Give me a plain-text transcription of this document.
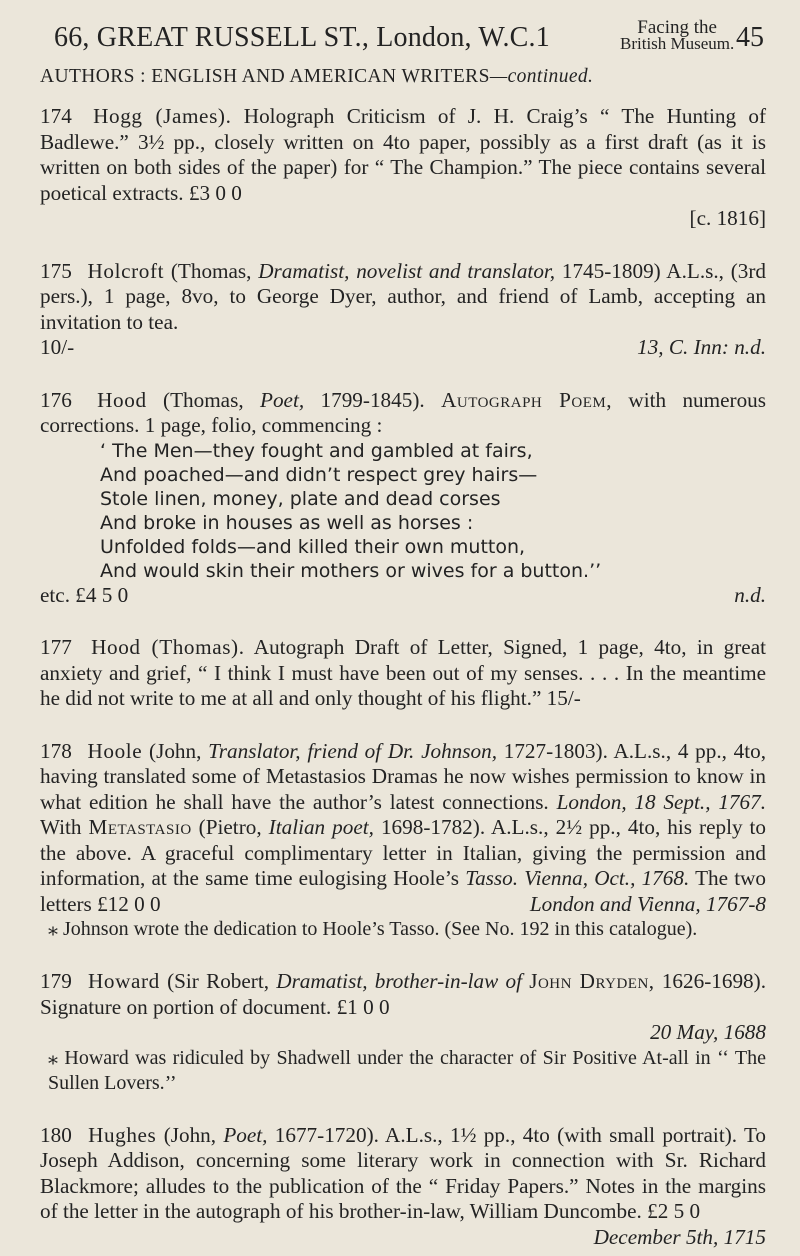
66, GREAT RUSSELL ST., London, W.C.1	Facing the
British Museum. 45
AUTHORS : ENGLISH AND AMERICAN WRITERS—continued.
174 Hogg (James). Holograph Criticism of J. H. Craig’s “ The Hunting of Badlewe.” 3½ pp., closely written on 4to paper, possibly as a first draft (as it is written on both sides of the paper) for “ The Champion.” The piece contains several poetical extracts. £3 0 0
[c. 1816]
175 Holcroft (Thomas, Dramatist, novelist and translator, 1745-1809) A.L.s., (3rd pers.), 1 page, 8vo, to George Dyer, author, and friend of Lamb, accepting an invitation to tea.
10/-	13, C. Inn: n.d.
176 Hood (Thomas, Poet, 1799-1845). Autograph Poem, with numerous corrections. 1 page, folio, commencing :
‘ The Men—they fought and gambled at fairs,
And poached—and didn’t respect grey hairs—
Stole linen, money, plate and dead corses
And broke in houses as well as horses :
Unfolded folds—and killed their own mutton,
And would skin their mothers or wives for a button.’’
etc. £4 5 0	n.d.
177 Hood (Thomas). Autograph Draft of Letter, Signed, 1 page, 4to, in great anxiety and grief, “ I think I must have been out of my senses. . . . In the meantime he did not write to me at all and only thought of his flight.” 15/-
178 Hoole (John, Translator, friend of Dr. Johnson, 1727-1803). A.L.s., 4 pp., 4to, having translated some of Metastasios Dramas he now wishes permission to know in what edition he shall have the author’s latest connections. London, 18 Sept., 1767. With Metastasio (Pietro, Italian poet, 1698-1782). A.L.s., 2½ pp., 4to, his reply to the above. A graceful complimentary letter in Italian, giving the permission and information, at the same time eulogising Hoole’s Tasso. Vienna, Oct., 1768. The two letters £12 0 0	London and Vienna, 1767-8
⁎ Johnson wrote the dedication to Hoole’s Tasso. (See No. 192 in this catalogue).
179 Howard (Sir Robert, Dramatist, brother-in-law of John Dryden, 1626-1698). Signature on portion of document. £1 0 0
20 May, 1688
⁎ Howard was ridiculed by Shadwell under the character of Sir Positive At-all in ‘‘ The Sullen Lovers.’’
180 Hughes (John, Poet, 1677-1720). A.L.s., 1½ pp., 4to (with small portrait). To Joseph Addison, concerning some literary work in connection with Sr. Richard Blackmore; alludes to the publication of the “ Friday Papers.” Notes in the margins of the letter in the autograph of his brother-in-law, William Duncombe. £2 5 0
December 5th, 1715
